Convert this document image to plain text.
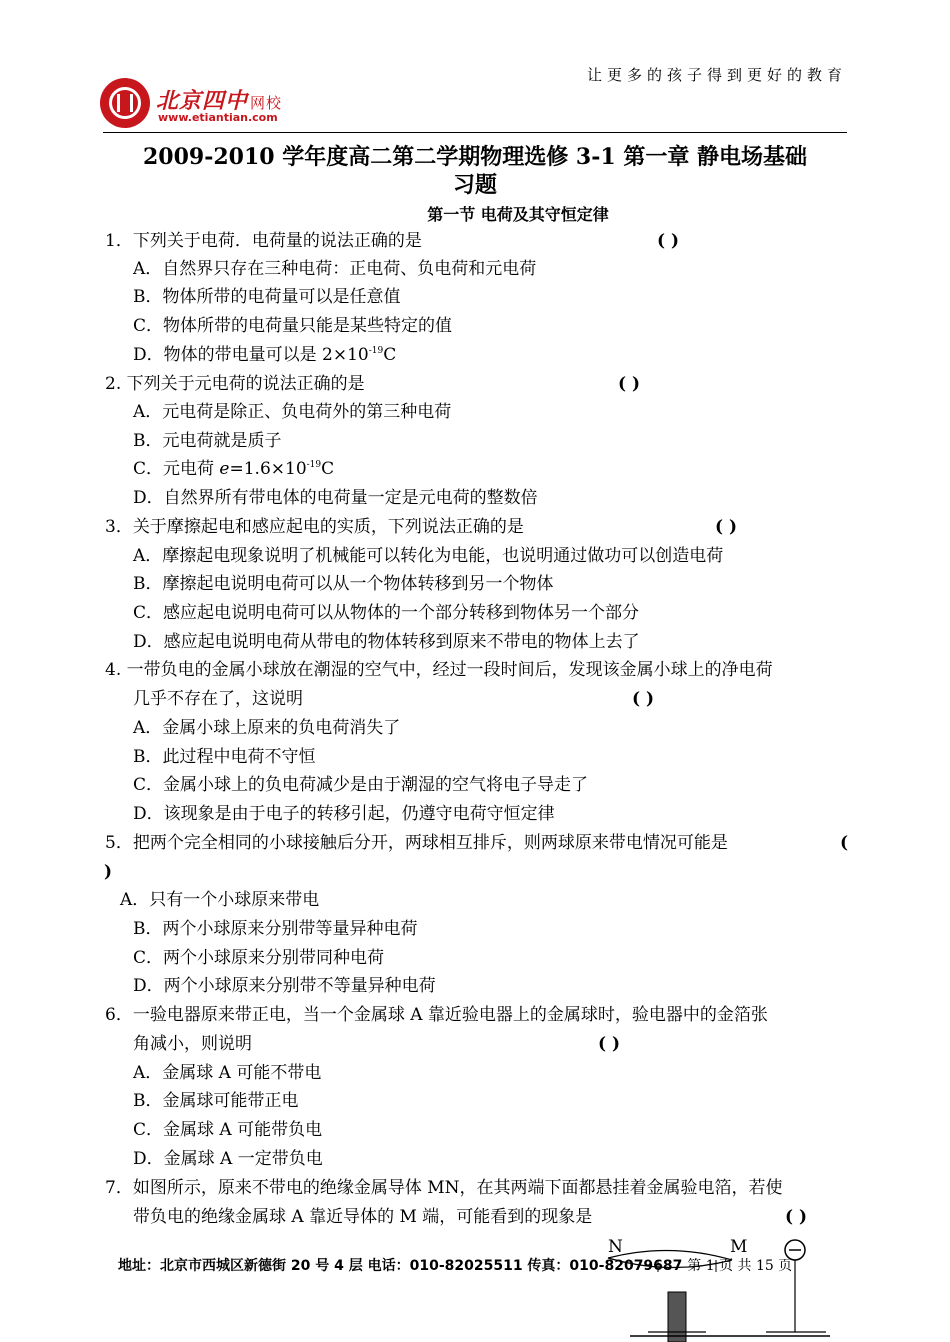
让更多的孩子得到更好的教育
北京四中 网校
www.etiantian.com
2009-2010 学年度高二第二学期物理选修 3-1 第一章 静电场基础
习题
第一节 电荷及其守恒定律
1．下列关于电荷．电荷量的说法正确的是	( )
A．自然界只存在三种电荷：正电荷、负电荷和元电荷
B．物体所带的电荷量可以是任意值
C．物体所带的电荷量只能是某些特定的值
D．物体的带电量可以是 $2\times 10^{-19}C$
2. 下列关于元电荷的说法正确的是	( )
A．元电荷是除正、负电荷外的第三种电荷
B．元电荷就是质子
C．元电荷 $e=1.6\times 10^{-19}C$
D．自然界所有带电体的电荷量一定是元电荷的整数倍
3．关于摩擦起电和感应起电的实质，下列说法正确的是	( )
A．摩擦起电现象说明了机械能可以转化为电能，也说明通过做功可以创造电荷
B．摩擦起电说明电荷可以从一个物体转移到另一个物体
C．感应起电说明电荷可以从物体的一个部分转移到物体另一个部分
D．感应起电说明电荷从带电的物体转移到原来不带电的物体上去了
4. 一带负电的金属小球放在潮湿的空气中，经过一段时间后，发现该金属小球上的净电荷
几乎不存在了，这说明	( )
A．金属小球上原来的负电荷消失了
B．此过程中电荷不守恒
C．金属小球上的负电荷减少是由于潮湿的空气将电子导走了
D．该现象是由于电子的转移引起，仍遵守电荷守恒定律
5．把两个完全相同的小球接触后分开，两球相互排斥，则两球原来带电情况可能是	(
)
A．只有一个小球原来带电
B．两个小球原来分别带等量异种电荷
C．两个小球原来分别带同种电荷
D．两个小球原来分别带不等量异种电荷
6．一验电器原来带正电，当一个金属球 A 靠近验电器上的金属球时，验电器中的金箔张
角减小，则说明	( )
A．金属球 A 可能不带电
B．金属球可能带正电
C．金属球 A 可能带负电
D．金属球 A 一定带负电
7．如图所示，原来不带电的绝缘金属导体 MN，在其两端下面都悬挂着金属验电箔，若使
带负电的绝缘金属球 A 靠近导体的 M 端，可能看到的现象是	( )
N	M
地址：北京市西城区新德街 20 号 4 层 电话：010-82025511 传真：010-82079687 第 1 页 共 15 页
